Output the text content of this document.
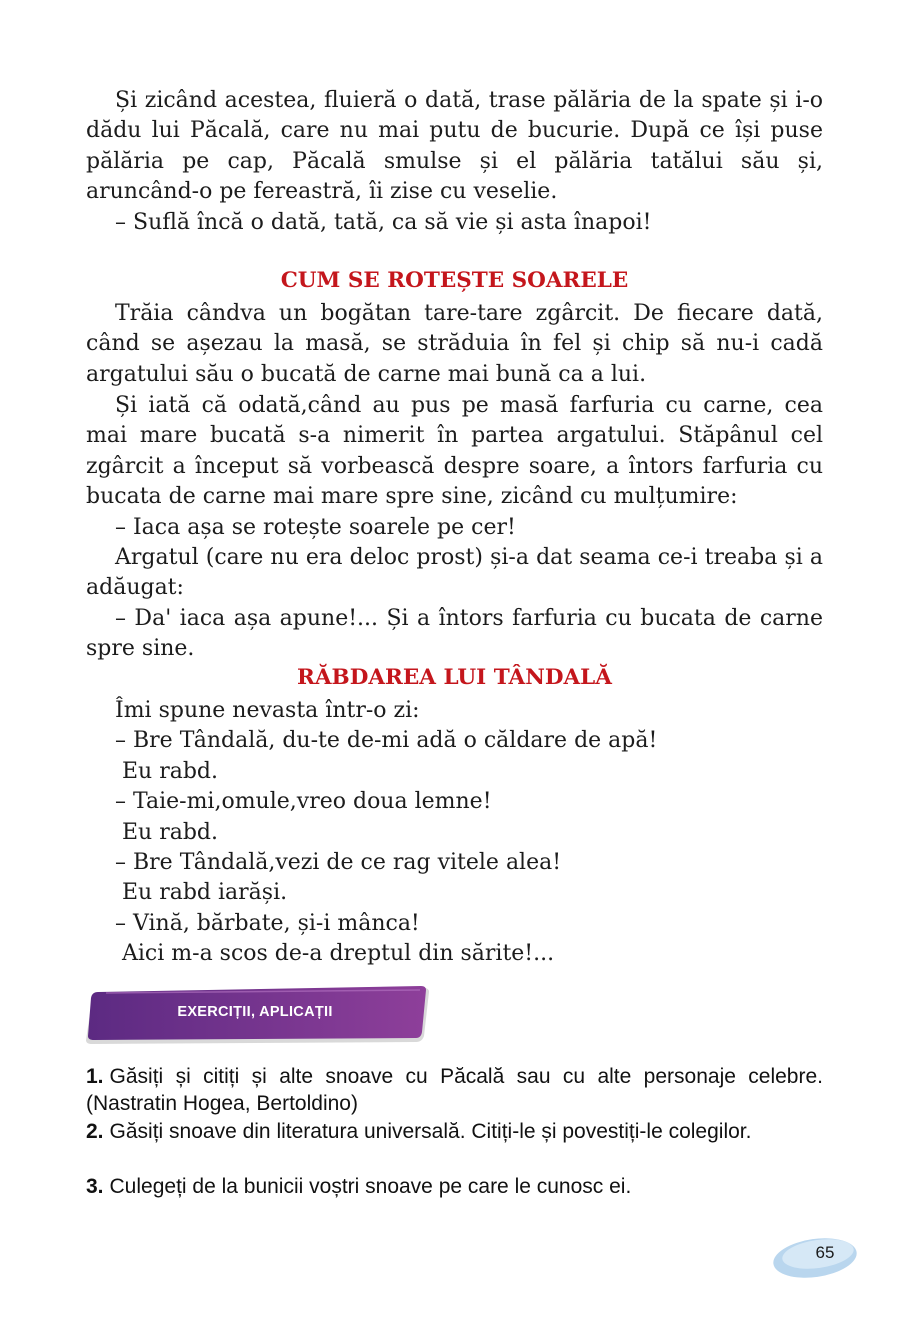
Și zicând acestea, fluieră o dată, trase pălăria de la spate și i-o dădu lui Păcală, care nu mai putu de bucurie. După ce își puse pălăria pe cap, Păcală smulse și el pălăria tatălui său și, aruncând-o pe fereastră, îi zise cu veselie.

– Suflă încă o dată, tată, ca să vie și asta înapoi!

CUM SE ROTEȘTE SOARELE

Trăia cândva un bogătan tare-tare zgârcit. De fiecare dată, când se așezau la masă, se străduia în fel și chip să nu-i cadă argatului său o bucată de carne mai bună ca a lui.

Și iată că odată,când au pus pe masă farfuria cu carne, cea mai mare bucată s-a nimerit în partea argatului. Stăpânul cel zgârcit a început să vorbească despre soare, a întors farfuria cu bucata de carne mai mare spre sine, zicând cu mulțumire:

– Iaca așa se rotește soarele pe cer!

Argatul (care nu era deloc prost) și-a dat seama ce-i treaba și a adăugat:

– Da' iaca așa apune!... Și a întors farfuria cu bucata de carne spre sine.

RĂBDAREA LUI TÂNDALĂ

Îmi spune nevasta într-o zi:

– Bre Tândală, du-te de-mi adă o căldare de apă!

Eu rabd.

– Taie-mi,omule,vreo doua lemne!

Eu rabd.

– Bre Tândală,vezi de ce rag vitele alea!

Eu rabd iarăși.

– Vină, bărbate, și-i mânca!

Aici m-a scos de-a dreptul din sărite!...

EXERCIȚII, APLICAȚII
1. Găsiți și citiți și alte snoave cu Păcală sau cu alte personaje celebre. (Nastratin Hogea, Bertoldino)
2. Găsiți snoave din literatura universală. Citiți-le și povestiți-le colegilor.
3. Culegeți de la bunicii voștri snoave pe care le cunosc ei.
65
